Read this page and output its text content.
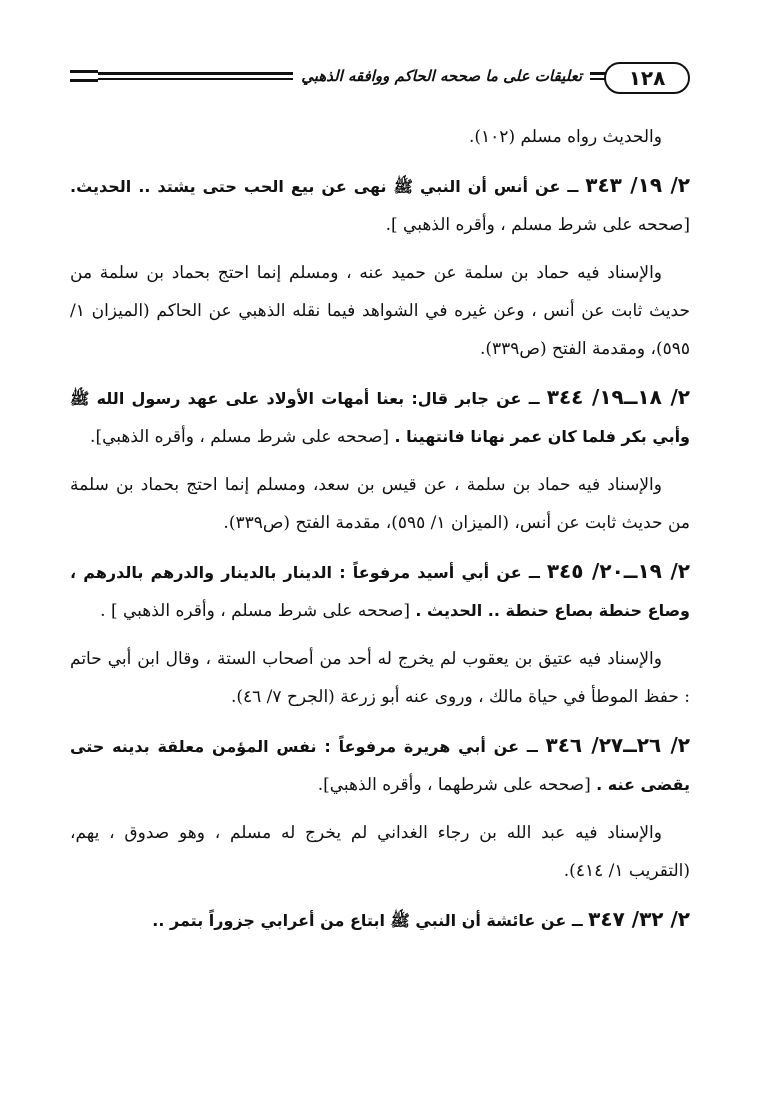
١٢٨
تعليقات على ما صححه الحاكم ووافقه الذهبي

والحديث رواه مسلم (١٠٢).

٢/ ١٩/ ٣٤٣ ــ عن أنس أن النبي ﷺ نهى عن بيع الحب حتى يشتد .. الحديث. [صححه على شرط مسلم ، وأقره الذهبي ].

والإسناد فيه حماد بن سلمة عن حميد عنه ، ومسلم إنما احتج بحماد بن سلمة من حديث ثابت عن أنس ، وعن غيره في الشواهد فيما نقله الذهبي عن الحاكم (الميزان ١/ ٥٩٥)، ومقدمة الفتح (ص٣٣٩).

٢/ ١٨ــ١٩/ ٣٤٤ ــ عن جابر قال: بعنا أمهات الأولاد على عهد رسول الله ﷺ وأبي بكر فلما كان عمر نهانا فانتهينا . [صححه على شرط مسلم ، وأقره الذهبي].

والإسناد فيه حماد بن سلمة ، عن قيس بن سعد، ومسلم إنما احتج بحماد بن سلمة من حديث ثابت عن أنس، (الميزان ١/ ٥٩٥)، مقدمة الفتح (ص٣٣٩).

٢/ ١٩ــ٢٠/ ٣٤٥ ــ عن أبي أسيد مرفوعاً : الدينار بالدينار والدرهم بالدرهم ، وصاع حنطة بصاع حنطة .. الحديث . [صححه على شرط مسلم ، وأقره الذهبي ] .

والإسناد فيه عتيق بن يعقوب لم يخرج له أحد من أصحاب الستة ، وقال ابن أبي حاتم : حفظ الموطأ في حياة مالك ، وروى عنه أبو زرعة (الجرح ٧/ ٤٦).

٢/ ٢٦ــ٢٧/ ٣٤٦ ــ عن أبي هريرة مرفوعاً : نفس المؤمن معلقة بدينه حتى يقضى عنه . [صححه على شرطهما ، وأقره الذهبي].

والإسناد فيه عبد الله بن رجاء الغداني لم يخرج له مسلم ، وهو صدوق ، يهم، (التقريب ١/ ٤١٤).

٢/ ٣٢/ ٣٤٧ ــ عن عائشة أن النبي ﷺ ابتاع من أعرابي جزوراً بتمر ..
